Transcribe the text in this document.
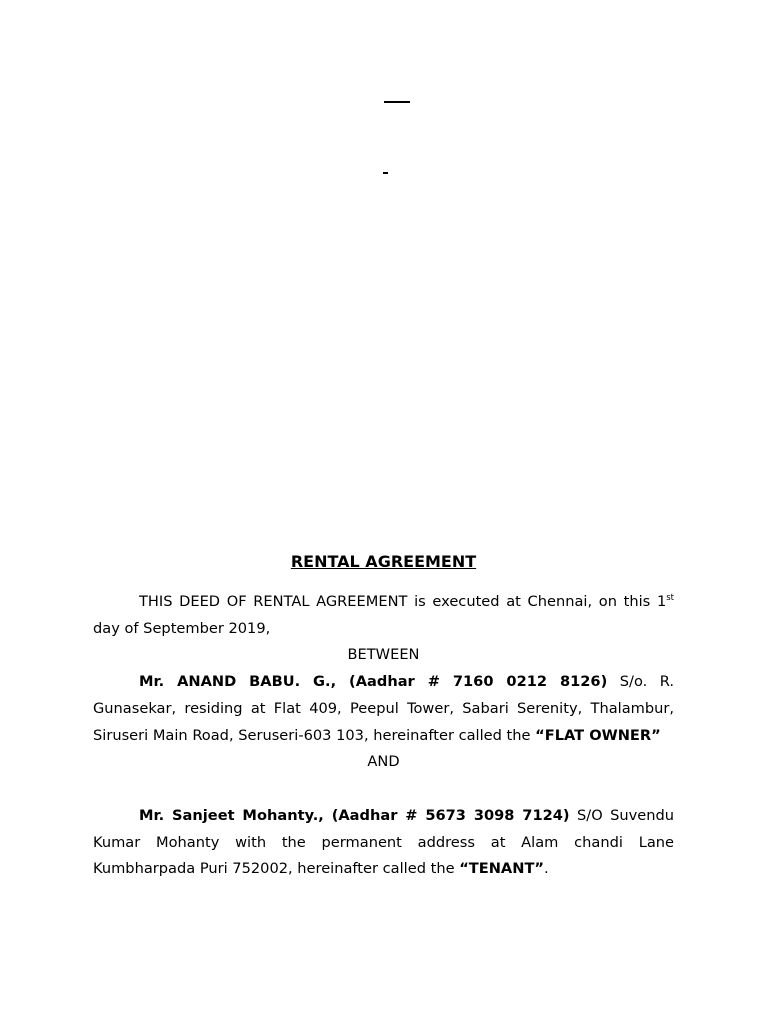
RENTAL AGREEMENT

THIS DEED OF RENTAL AGREEMENT is executed at Chennai, on this 1st day of September 2019,

BETWEEN

Mr. ANAND BABU. G., (Aadhar # 7160 0212 8126) S/o. R. Gunasekar, residing at Flat 409, Peepul Tower, Sabari Serenity, Thalambur, Siruseri Main Road, Seruseri-603 103, hereinafter called the “FLAT OWNER”

AND

Mr. Sanjeet Mohanty., (Aadhar # 5673 3098 7124) S/O Suvendu Kumar Mohanty with the permanent address at Alam chandi Lane Kumbharpada Puri 752002, hereinafter called the “TENANT”.
